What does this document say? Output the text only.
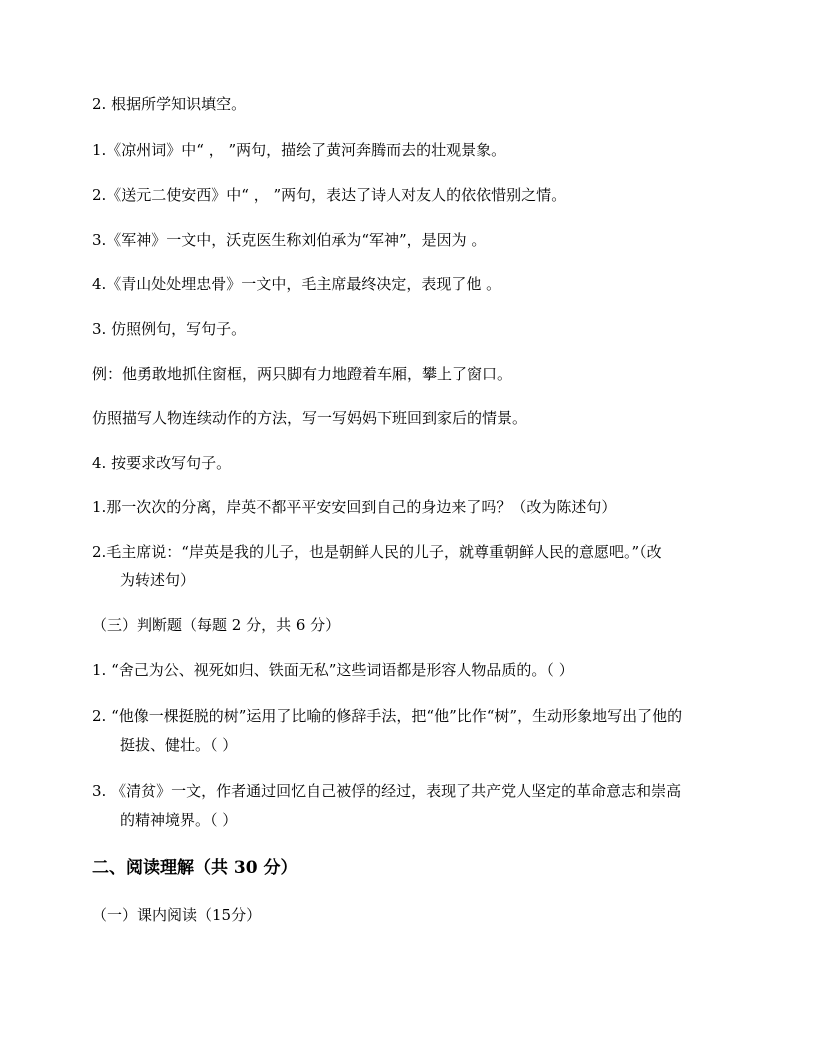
2. 根据所学知识填空。
1.《凉州词》中“ ， ”两句，描绘了黄河奔腾而去的壮观景象。
2.《送元二使安西》中“ ， ”两句，表达了诗人对友人的依依惜别之情。
3.《军神》一文中，沃克医生称刘伯承为“军神”，是因为 。
4.《青山处处埋忠骨》一文中，毛主席最终决定，表现了他 。
3. 仿照例句，写句子。
例：他勇敢地抓住窗框，两只脚有力地蹬着车厢，攀上了窗口。
仿照描写人物连续动作的方法，写一写妈妈下班回到家后的情景。
4. 按要求改写句子。
1.那一次次的分离，岸英不都平平安安回到自己的身边来了吗？（改为陈述句）
2.毛主席说：“岸英是我的儿子，也是朝鲜人民的儿子，就尊重朝鲜人民的意愿吧。”（改
为转述句）
（三）判断题（每题 2 分，共 6 分）
1. “舍己为公、视死如归、铁面无私”这些词语都是形容人物品质的。（ ）
2. “他像一棵挺脱的树”运用了比喻的修辞手法，把“他”比作“树”，生动形象地写出了他的
挺拔、健壮。（ ）
3. 《清贫》一文，作者通过回忆自己被俘的经过，表现了共产党人坚定的革命意志和崇高
的精神境界。（ ）
二、阅读理解（共 30 分）
（一）课内阅读（15分）
